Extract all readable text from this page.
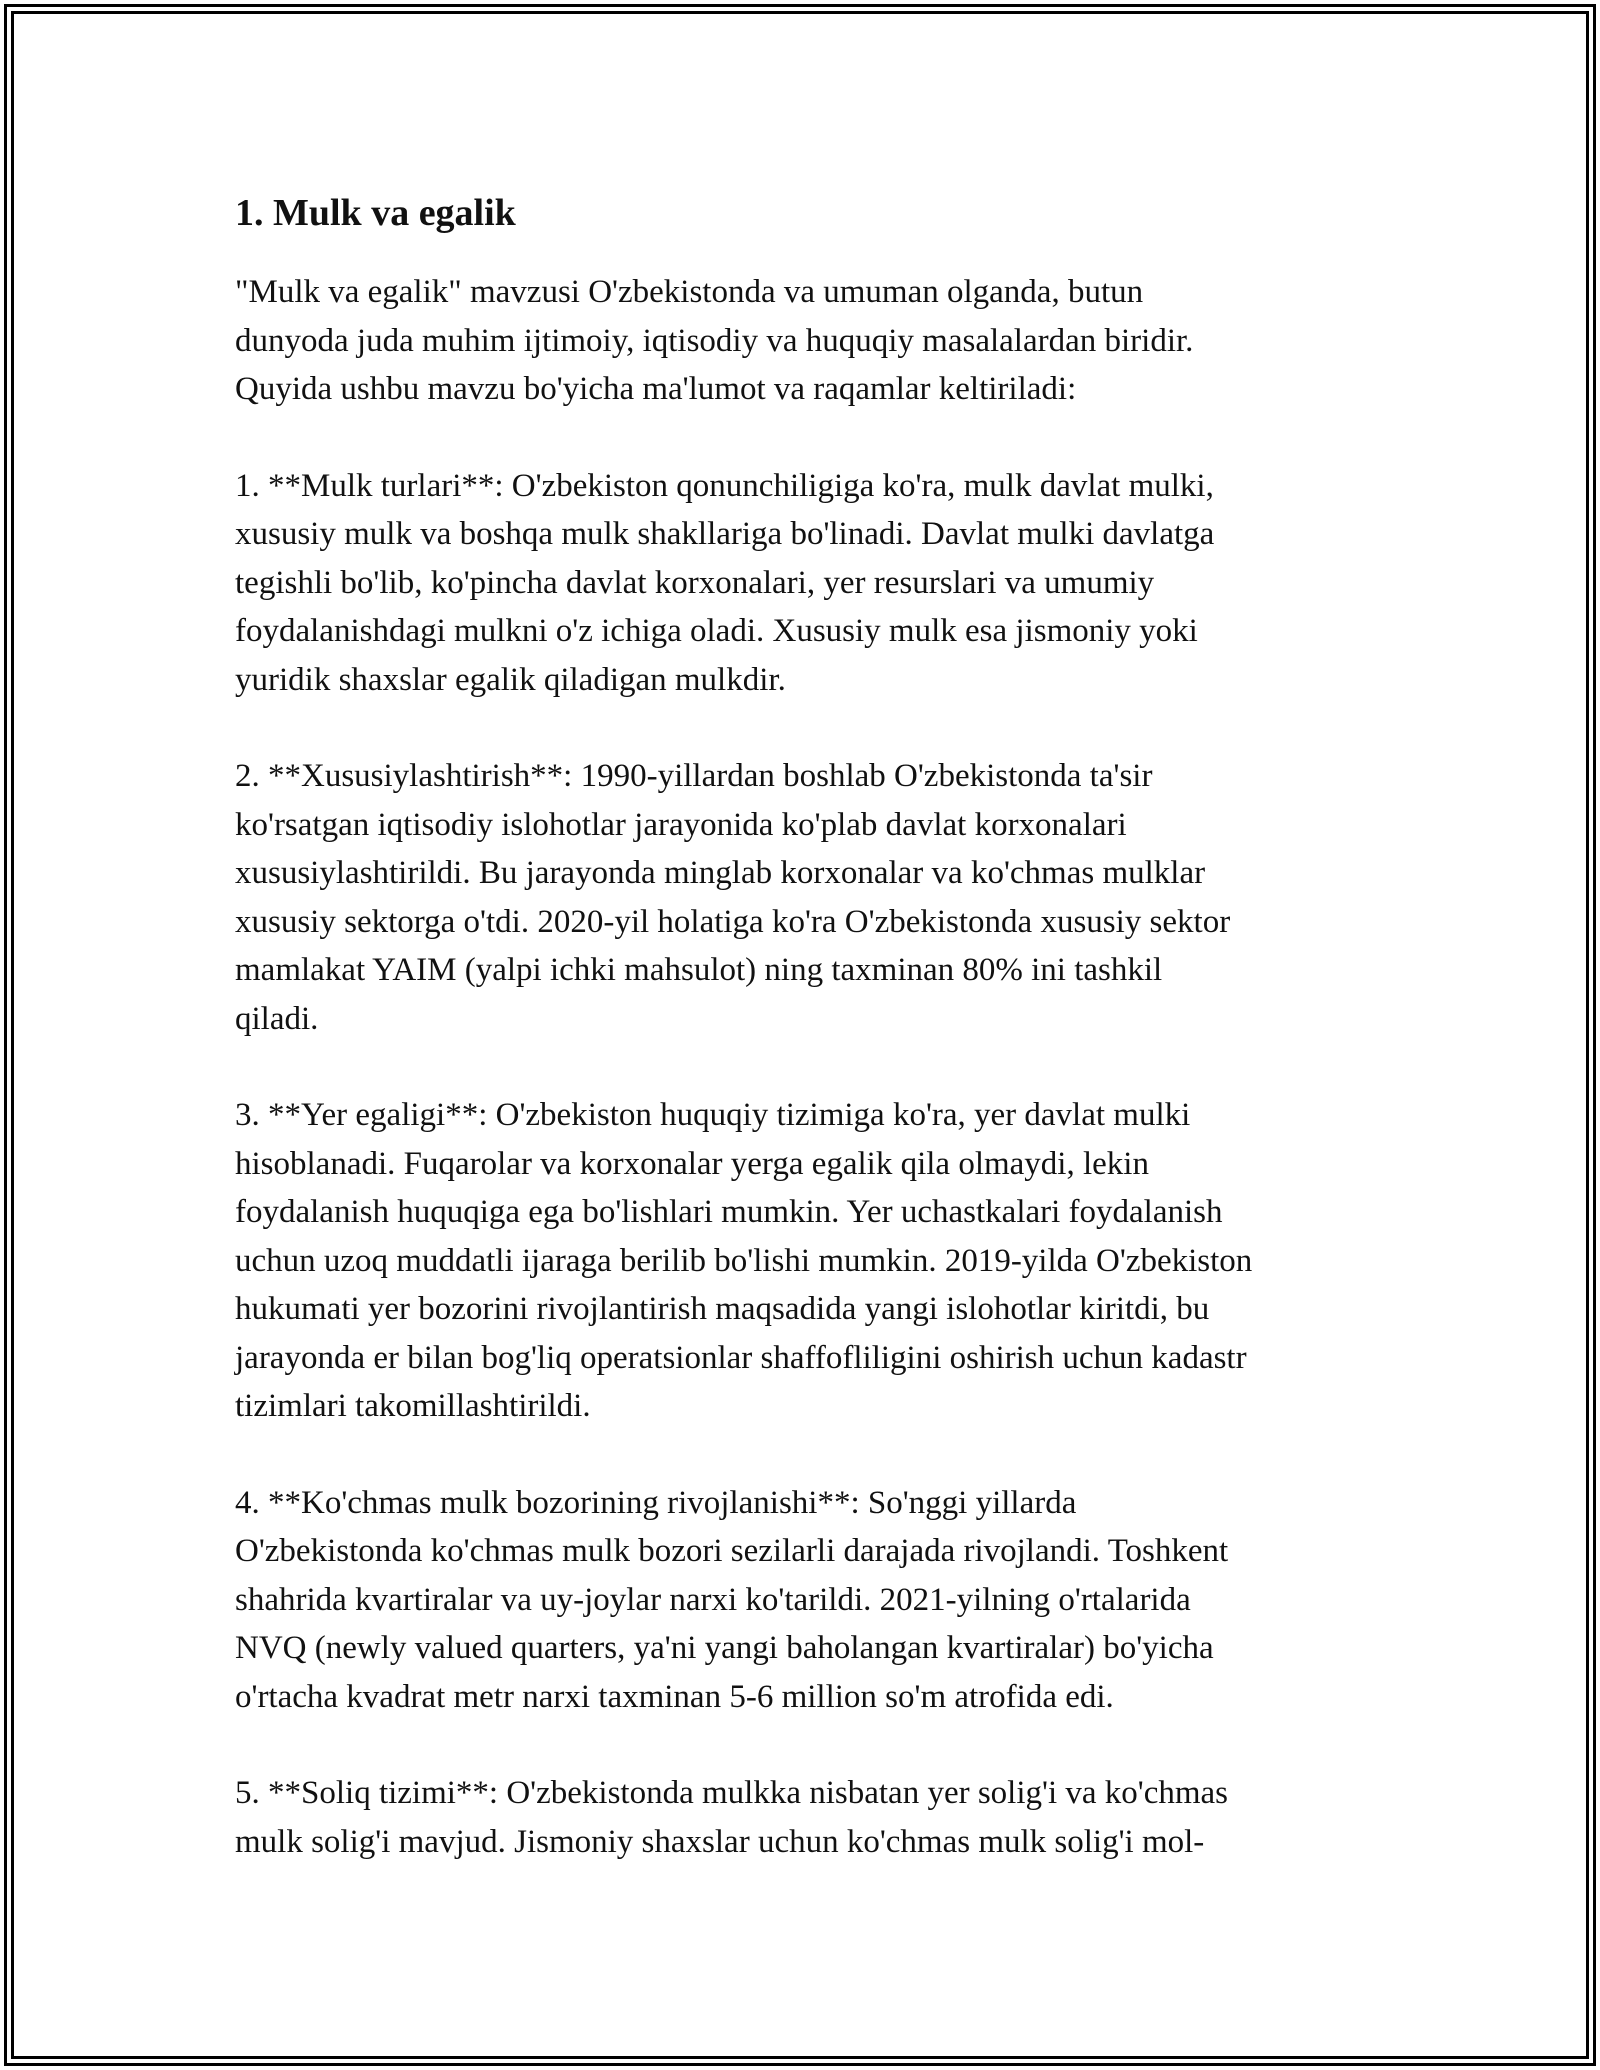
1. Mulk va egalik

"Mulk va egalik" mavzusi O'zbekistonda va umuman olganda, butun
dunyoda juda muhim ijtimoiy, iqtisodiy va huquqiy masalalardan biridir.
Quyida ushbu mavzu bo'yicha ma'lumot va raqamlar keltiriladi:

1. **Mulk turlari**: O'zbekiston qonunchiligiga ko'ra, mulk davlat mulki,
xususiy mulk va boshqa mulk shakllariga bo'linadi. Davlat mulki davlatga
tegishli bo'lib, ko'pincha davlat korxonalari, yer resurslari va umumiy
foydalanishdagi mulkni o'z ichiga oladi. Xususiy mulk esa jismoniy yoki
yuridik shaxslar egalik qiladigan mulkdir.

2. **Xususiylashtirish**: 1990-yillardan boshlab O'zbekistonda ta'sir
ko'rsatgan iqtisodiy islohotlar jarayonida ko'plab davlat korxonalari
xususiylashtirildi. Bu jarayonda minglab korxonalar va ko'chmas mulklar
xususiy sektorga o'tdi. 2020-yil holatiga ko'ra O'zbekistonda xususiy sektor
mamlakat YAIM (yalpi ichki mahsulot) ning taxminan 80% ini tashkil
qiladi.

3. **Yer egaligi**: O'zbekiston huquqiy tizimiga ko'ra, yer davlat mulki
hisoblanadi. Fuqarolar va korxonalar yerga egalik qila olmaydi, lekin
foydalanish huquqiga ega bo'lishlari mumkin. Yer uchastkalari foydalanish
uchun uzoq muddatli ijaraga berilib bo'lishi mumkin. 2019-yilda O'zbekiston
hukumati yer bozorini rivojlantirish maqsadida yangi islohotlar kiritdi, bu
jarayonda er bilan bog'liq operatsionlar shaffofliligini oshirish uchun kadastr
tizimlari takomillashtirildi.

4. **Ko'chmas mulk bozorining rivojlanishi**: So'nggi yillarda
O'zbekistonda ko'chmas mulk bozori sezilarli darajada rivojlandi. Toshkent
shahrida kvartiralar va uy-joylar narxi ko'tarildi. 2021-yilning o'rtalarida
NVQ (newly valued quarters, ya'ni yangi baholangan kvartiralar) bo'yicha
o'rtacha kvadrat metr narxi taxminan 5-6 million so'm atrofida edi.

5. **Soliq tizimi**: O'zbekistonda mulkka nisbatan yer solig'i va ko'chmas
mulk solig'i mavjud. Jismoniy shaxslar uchun ko'chmas mulk solig'i mol-
